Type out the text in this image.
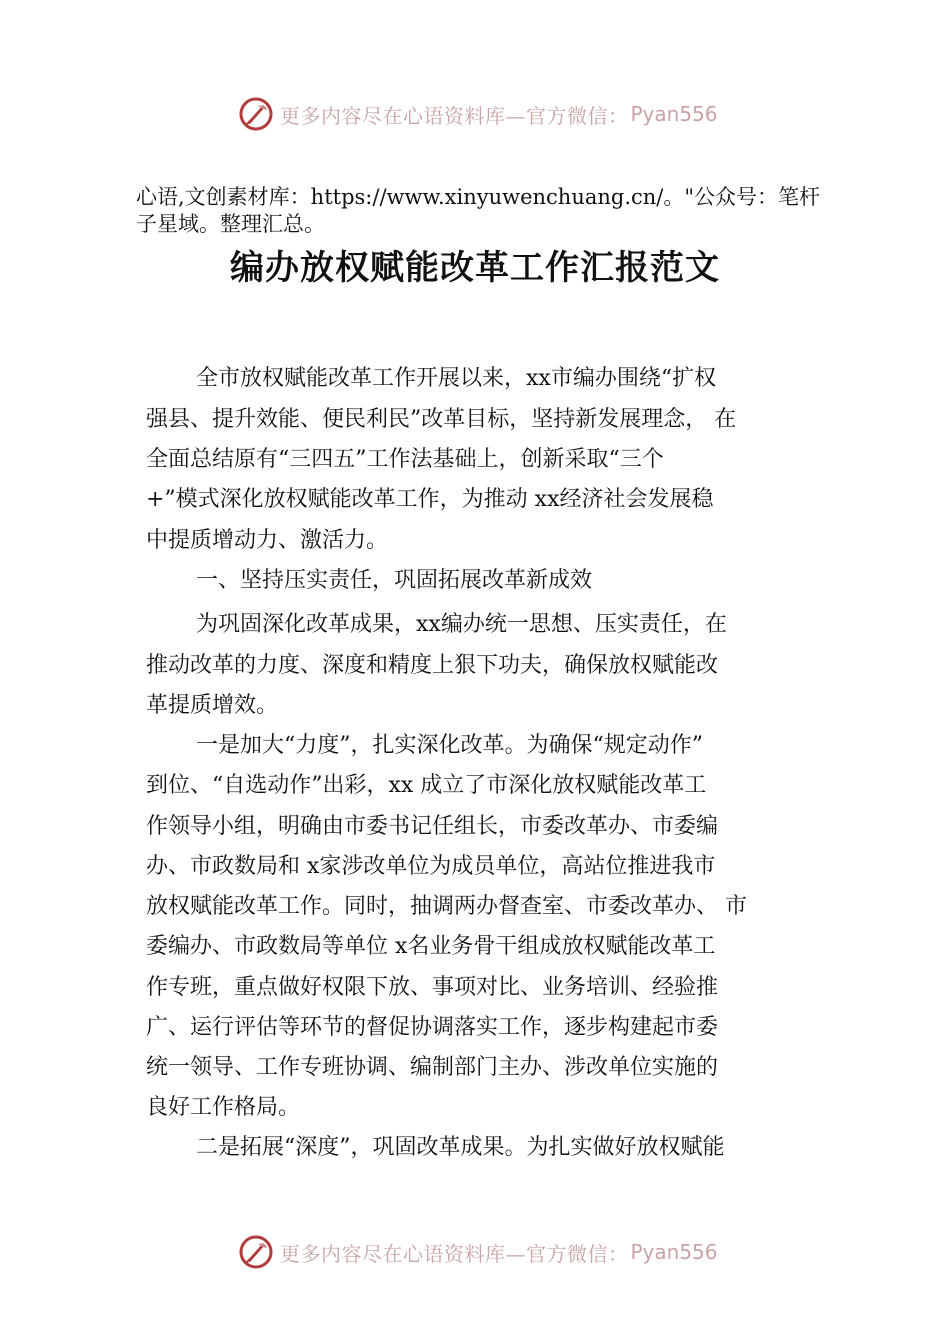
更多内容尽在心语资料库—官方微信： Pyan556
心语,文创素材库：https://www.xinyuwenchuang.cn/。"公众号：笔杆子星域。整理汇总。
编办放权赋能改革工作汇报范文
全市放权赋能改革工作开展以来，xx市编办围绕“扩权
强县、提升效能、便民利民”改革目标，坚持新发展理念， 在
全面总结原有“三四五”工作法基础上，创新采取“三个
+”模式深化放权赋能改革工作，为推动 xx经济社会发展稳
中提质增动力、激活力。
一、坚持压实责任，巩固拓展改革新成效
为巩固深化改革成果，xx编办统一思想、压实责任，在
推动改革的力度、深度和精度上狠下功夫，确保放权赋能改
革提质增效。
一是加大“力度”，扎实深化改革。为确保“规定动作”
到位、“自选动作”出彩，xx 成立了市深化放权赋能改革工
作领导小组，明确由市委书记任组长，市委改革办、市委编
办、市政数局和 x家涉改单位为成员单位，高站位推进我市
放权赋能改革工作。同时，抽调两办督查室、市委改革办、 市
委编办、市政数局等单位 x名业务骨干组成放权赋能改革工
作专班，重点做好权限下放、事项对比、业务培训、经验推
广、运行评估等环节的督促协调落实工作，逐步构建起市委
统一领导、工作专班协调、编制部门主办、涉改单位实施的
良好工作格局。
二是拓展“深度”，巩固改革成果。为扎实做好放权赋能
更多内容尽在心语资料库—官方微信： Pyan556
